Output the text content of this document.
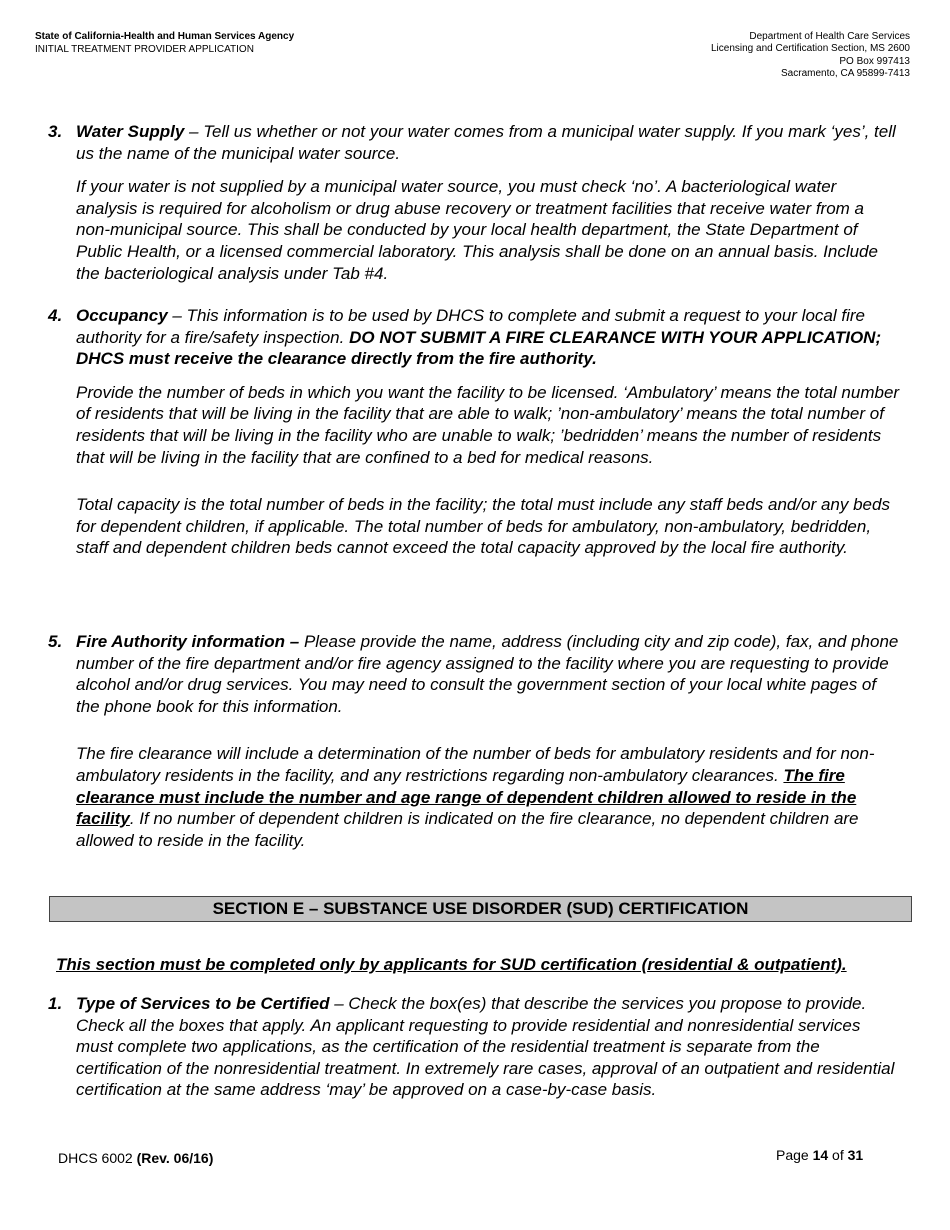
State of California-Health and Human Services Agency
INITIAL TREATMENT PROVIDER APPLICATION
Department of Health Care Services
Licensing and Certification Section, MS 2600
PO Box 997413
Sacramento, CA 95899-7413
3. Water Supply – Tell us whether or not your water comes from a municipal water supply. If you mark ‘yes’, tell us the name of the municipal water source.

If your water is not supplied by a municipal water source, you must check ‘no’. A bacteriological water analysis is required for alcoholism or drug abuse recovery or treatment facilities that receive water from a non-municipal source. This shall be conducted by your local health department, the State Department of Public Health, or a licensed commercial laboratory. This analysis shall be done on an annual basis. Include the bacteriological analysis under Tab #4.

4. Occupancy – This information is to be used by DHCS to complete and submit a request to your local fire authority for a fire/safety inspection. DO NOT SUBMIT A FIRE CLEARANCE WITH YOUR APPLICATION; DHCS must receive the clearance directly from the fire authority.

Provide the number of beds in which you want the facility to be licensed. ‘Ambulatory’ means the total number of residents that will be living in the facility that are able to walk; ’non-ambulatory’ means the total number of residents that will be living in the facility who are unable to walk; ’bedridden’ means the number of residents that will be living in the facility that are confined to a bed for medical reasons.

Total capacity is the total number of beds in the facility; the total must include any staff beds and/or any beds for dependent children, if applicable. The total number of beds for ambulatory, non-ambulatory, bedridden, staff and dependent children beds cannot exceed the total capacity approved by the local fire authority.

5. Fire Authority information – Please provide the name, address (including city and zip code), fax, and phone number of the fire department and/or fire agency assigned to the facility where you are requesting to provide alcohol and/or drug services. You may need to consult the government section of your local white pages of the phone book for this information.

The fire clearance will include a determination of the number of beds for ambulatory residents and for non-ambulatory residents in the facility, and any restrictions regarding non-ambulatory clearances. The fire clearance must include the number and age range of dependent children allowed to reside in the facility. If no number of dependent children is indicated on the fire clearance, no dependent children are allowed to reside in the facility.

SECTION E – SUBSTANCE USE DISORDER (SUD) CERTIFICATION
This section must be completed only by applicants for SUD certification (residential & outpatient).
1. Type of Services to be Certified – Check the box(es) that describe the services you propose to provide. Check all the boxes that apply. An applicant requesting to provide residential and nonresidential services must complete two applications, as the certification of the residential treatment is separate from the certification of the nonresidential treatment. In extremely rare cases, approval of an outpatient and residential certification at the same address ‘may’ be approved on a case-by-case basis.

DHCS 6002 (Rev. 06/16)	Page 14 of 31
